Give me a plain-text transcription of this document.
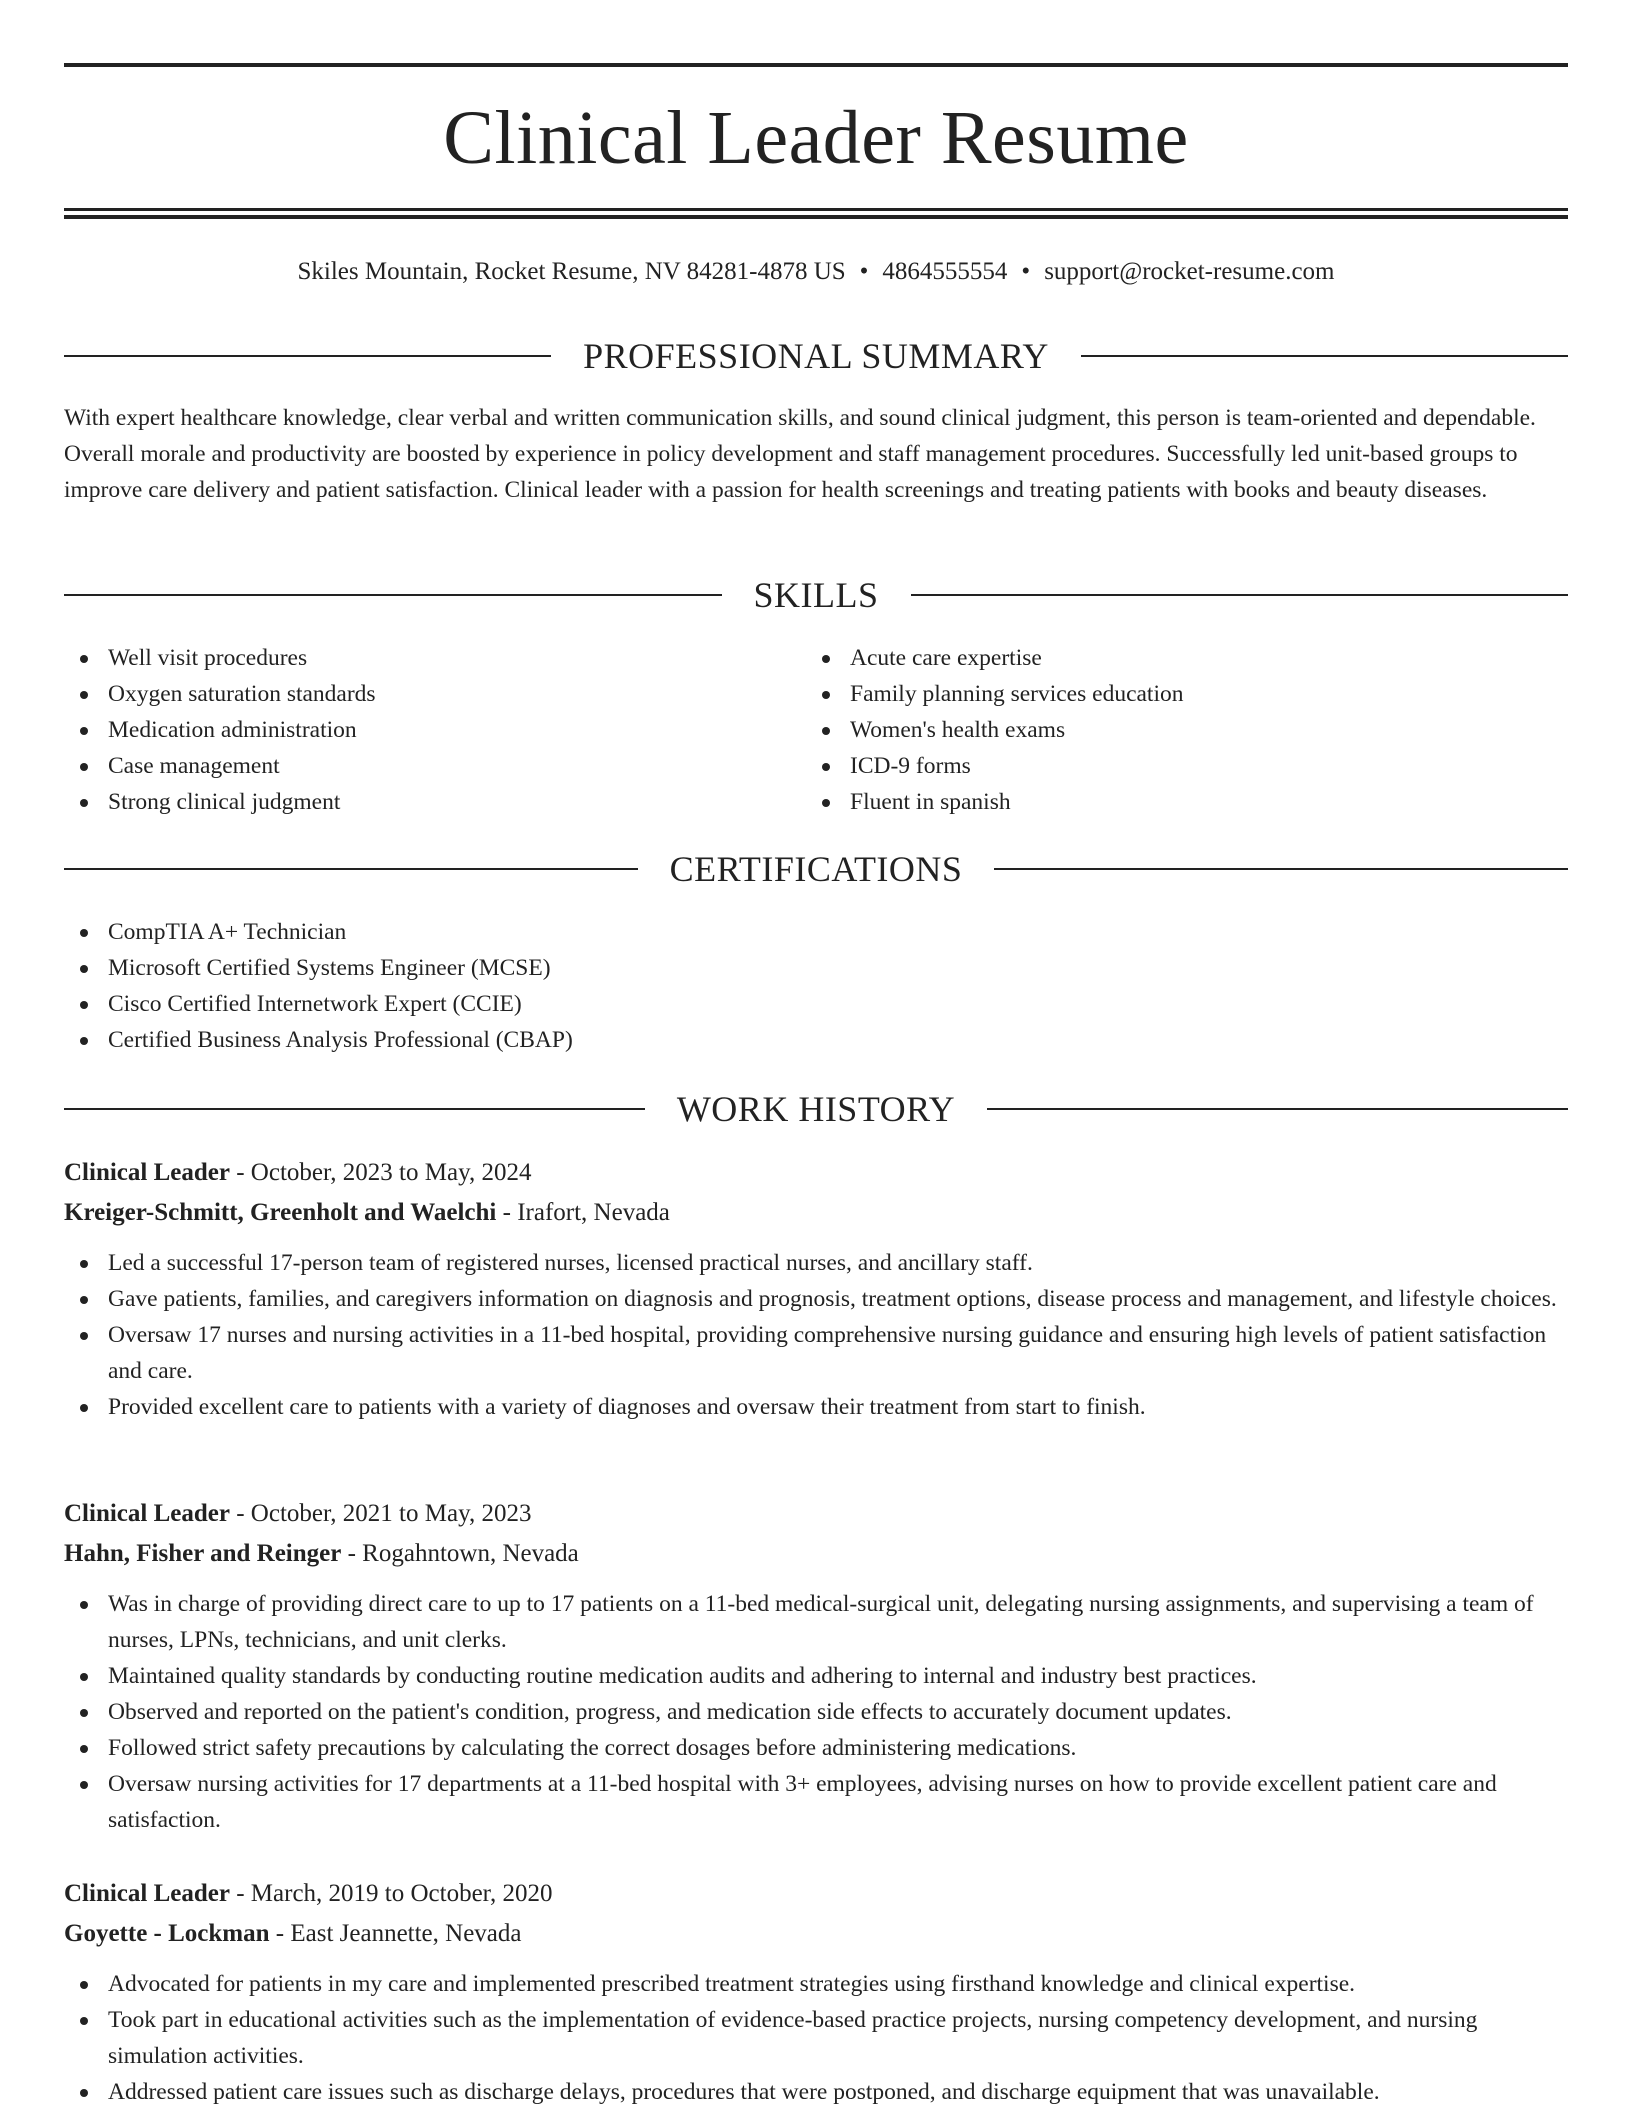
Clinical Leader Resume
Skiles Mountain, Rocket Resume, NV 84281-4878 US • 4864555554 • support@rocket-resume.com
PROFESSIONAL SUMMARY

With expert healthcare knowledge, clear verbal and written communication skills, and sound clinical judgment, this person is team-oriented and dependable. Overall morale and productivity are boosted by experience in policy development and staff management procedures. Successfully led unit-based groups to improve care delivery and patient satisfaction. Clinical leader with a passion for health screenings and treating patients with books and beauty diseases.

SKILLS
Well visit procedures
Oxygen saturation standards
Medication administration
Case management
Strong clinical judgment
Acute care expertise
Family planning services education
Women's health exams
ICD-9 forms
Fluent in spanish
CERTIFICATIONS
CompTIA A+ Technician
Microsoft Certified Systems Engineer (MCSE)
Cisco Certified Internetwork Expert (CCIE)
Certified Business Analysis Professional (CBAP)
WORK HISTORY

Clinical Leader - October, 2023 to May, 2024

Kreiger-Schmitt, Greenholt and Waelchi - Irafort, Nevada

Led a successful 17-person team of registered nurses, licensed practical nurses, and ancillary staff.
Gave patients, families, and caregivers information on diagnosis and prognosis, treatment options, disease process and management, and lifestyle choices.
Oversaw 17 nurses and nursing activities in a 11-bed hospital, providing comprehensive nursing guidance and ensuring high levels of patient satisfaction and care.
Provided excellent care to patients with a variety of diagnoses and oversaw their treatment from start to finish.

Clinical Leader - October, 2021 to May, 2023

Hahn, Fisher and Reinger - Rogahntown, Nevada

Was in charge of providing direct care to up to 17 patients on a 11-bed medical-surgical unit, delegating nursing assignments, and supervising a team of nurses, LPNs, technicians, and unit clerks.
Maintained quality standards by conducting routine medication audits and adhering to internal and industry best practices.
Observed and reported on the patient's condition, progress, and medication side effects to accurately document updates.
Followed strict safety precautions by calculating the correct dosages before administering medications.
Oversaw nursing activities for 17 departments at a 11-bed hospital with 3+ employees, advising nurses on how to provide excellent patient care and satisfaction.

Clinical Leader - March, 2019 to October, 2020

Goyette - Lockman - East Jeannette, Nevada

Advocated for patients in my care and implemented prescribed treatment strategies using firsthand knowledge and clinical expertise.
Took part in educational activities such as the implementation of evidence-based practice projects, nursing competency development, and nursing simulation activities.
Addressed patient care issues such as discharge delays, procedures that were postponed, and discharge equipment that was unavailable.
